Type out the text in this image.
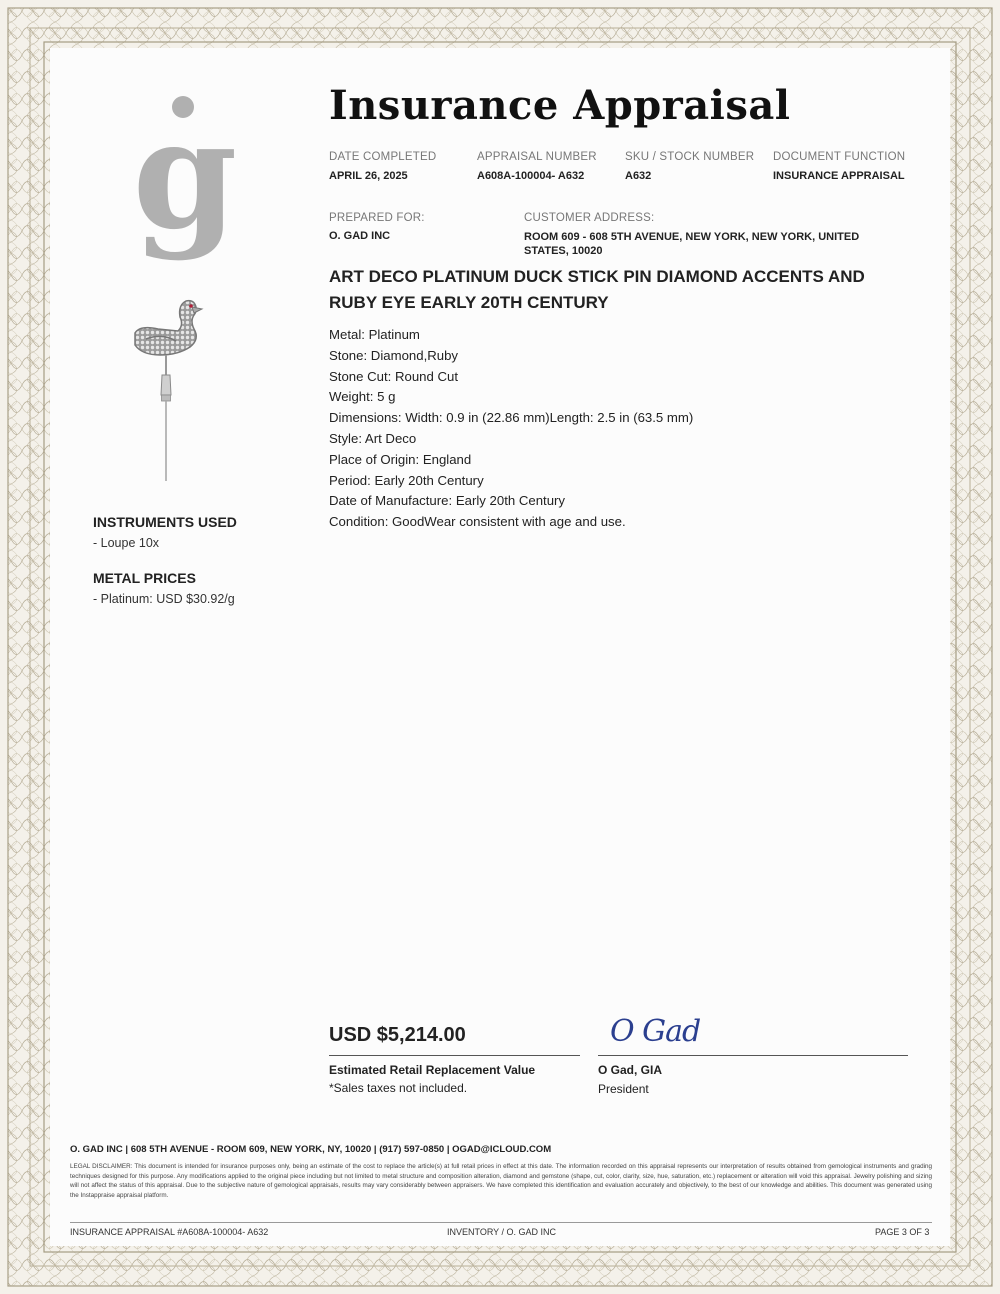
g Insurance Appraisal
DATE COMPLETED
APRIL 26, 2025
APPRAISAL NUMBER
A608A-100004- A632
SKU / STOCK NUMBER
A632
DOCUMENT FUNCTION
INSURANCE APPRAISAL
PREPARED FOR:
O. GAD INC
CUSTOMER ADDRESS:
ROOM 609 - 608 5TH AVENUE, NEW YORK, NEW YORK, UNITED STATES, 10020
ART DECO PLATINUM DUCK STICK PIN DIAMOND ACCENTS AND RUBY EYE EARLY 20TH CENTURY
Metal: Platinum
Stone: Diamond,Ruby
Stone Cut: Round Cut
Weight: 5 g
Dimensions: Width: 0.9 in (22.86 mm)Length: 2.5 in (63.5 mm)
Style: Art Deco
Place of Origin: England
Period: Early 20th Century
Date of Manufacture: Early 20th Century
Condition: GoodWear consistent with age and use.
INSTRUMENTS USED
- Loupe 10x
METAL PRICES
- Platinum: USD $30.92/g
USD $5,214.00
Estimated Retail Replacement Value
*Sales taxes not included.
O Gad
O Gad, GIA
President
O. GAD INC | 608 5TH AVENUE - ROOM 609, NEW YORK, NY, 10020 | (917) 597-0850 | OGAD@ICLOUD.COM
LEGAL DISCLAIMER: This document is intended for insurance purposes only, being an estimate of the cost to replace the article(s) at full retail prices in effect at this date. The information recorded on this appraisal represents our interpretation of results obtained from gemological instruments and grading techniques designed for this purpose. Any modifications applied to the original piece including but not limited to metal structure and composition alteration, diamond and gemstone (shape, cut, color, clarity, size, hue, saturation, etc.) replacement or alteration will void this appraisal. Jewelry polishing and sizing will not affect the status of this appraisal. Due to the subjective nature of gemological appraisals, results may vary considerably between appraisers. We have completed this identification and evaluation accurately and objectively, to the best of our knowledge and abilities. This document was generated using the Instappraise appraisal platform.
INSURANCE APPRAISAL #A608A-100004- A632	INVENTORY / O. GAD INC	PAGE 3 OF 3
